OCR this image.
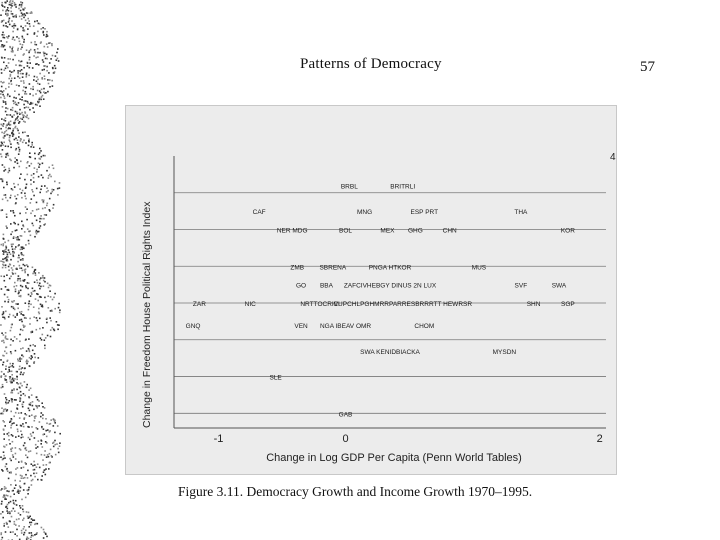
Patterns of Democracy	57
-1	0	2
4
BRBL	BRITRLI
CAF	MNG	ESP PRT	THA
NER MDG	BOL	MEX GHG	CHN	KOR
ZMB SBRENA	PNGA HTKOR	MUS
GO BBA ZAFCIVHEBGY DINUS 2N LUX	SVF	SWA
ZAR	NIC	NRTTOCRIVI
CUPCHLPGHMRRPARRESBRRRTT HEWRSR	SHN	SGP
GNQ	VEN NGA IBEAV OMR	CHOM
SWA KENIDBIACKA	MYSDN
SLE
GAB
Change in Log GDP Per Capita (Penn World Tables)
Change in Freedom House Political Rights Index
Figure 3.11. Democracy Growth and Income Growth 1970–1995.
